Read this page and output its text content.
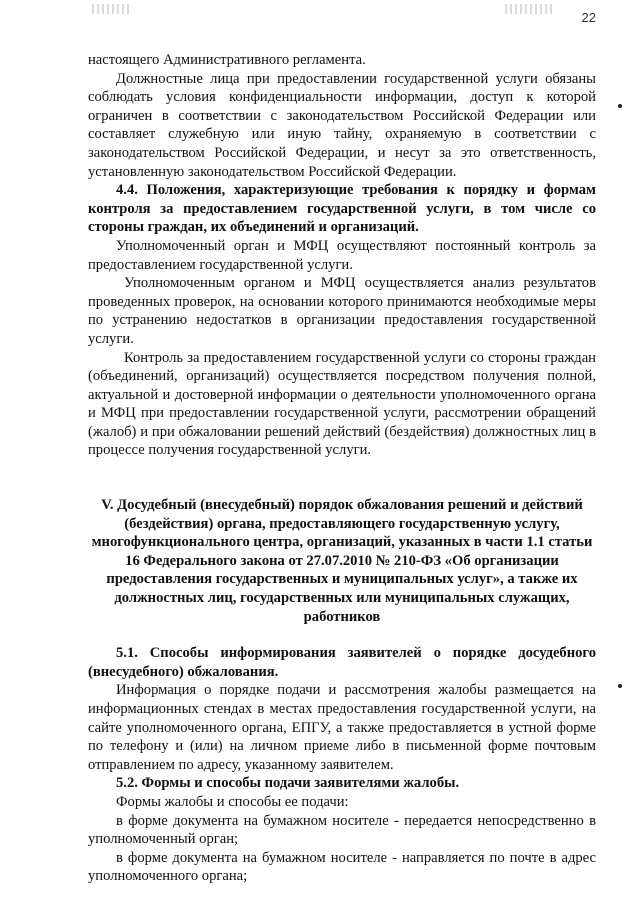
22

настоящего Административного регламента.

Должностные лица при предоставлении государственной услуги обязаны соблюдать условия конфиденциальности информации, доступ к которой ограничен в соответствии с законодательством Российской Федерации или составляет служебную или иную тайну, охраняемую в соответствии с законодательством Российской Федерации, и несут за это ответственность, установленную законодательством Российской Федерации.

4.4. Положения, характеризующие требования к порядку и формам контроля за предоставлением государственной услуги, в том числе со стороны граждан, их объединений и организаций.

Уполномоченный орган и МФЦ осуществляют постоянный контроль за предоставлением государственной услуги.

Уполномоченным органом и МФЦ осуществляется анализ результатов проведенных проверок, на основании которого принимаются необходимые меры по устранению недостатков в организации предоставления государственной услуги.

Контроль за предоставлением государственной услуги со стороны граждан (объединений, организаций) осуществляется посредством получения полной, актуальной и достоверной информации о деятельности уполномоченного органа и МФЦ при предоставлении государственной услуги, рассмотрении обращений (жалоб) и при обжаловании решений действий (бездействия) должностных лиц в процессе получения государственной услуги.

V. Досудебный (внесудебный) порядок обжалования решений и действий (бездействия) органа, предоставляющего государственную услугу, многофункционального центра, организаций, указанных в части 1.1 статьи 16 Федерального закона от 27.07.2010 № 210-ФЗ «Об организации предоставления государственных и муниципальных услуг», а также их должностных лиц, государственных или муниципальных служащих, работников

5.1. Способы информирования заявителей о порядке досудебного (внесудебного) обжалования.

Информация о порядке подачи и рассмотрения жалобы размещается на информационных стендах в местах предоставления государственной услуги, на сайте уполномоченного органа, ЕПГУ, а также предоставляется в устной форме по телефону и (или) на личном приеме либо в письменной форме почтовым отправлением по адресу, указанному заявителем.

5.2. Формы и способы подачи заявителями жалобы.

Формы жалобы и способы ее подачи:

в форме документа на бумажном носителе - передается непосредственно в уполномоченный орган;

в форме документа на бумажном носителе - направляется по почте в адрес уполномоченного органа;
